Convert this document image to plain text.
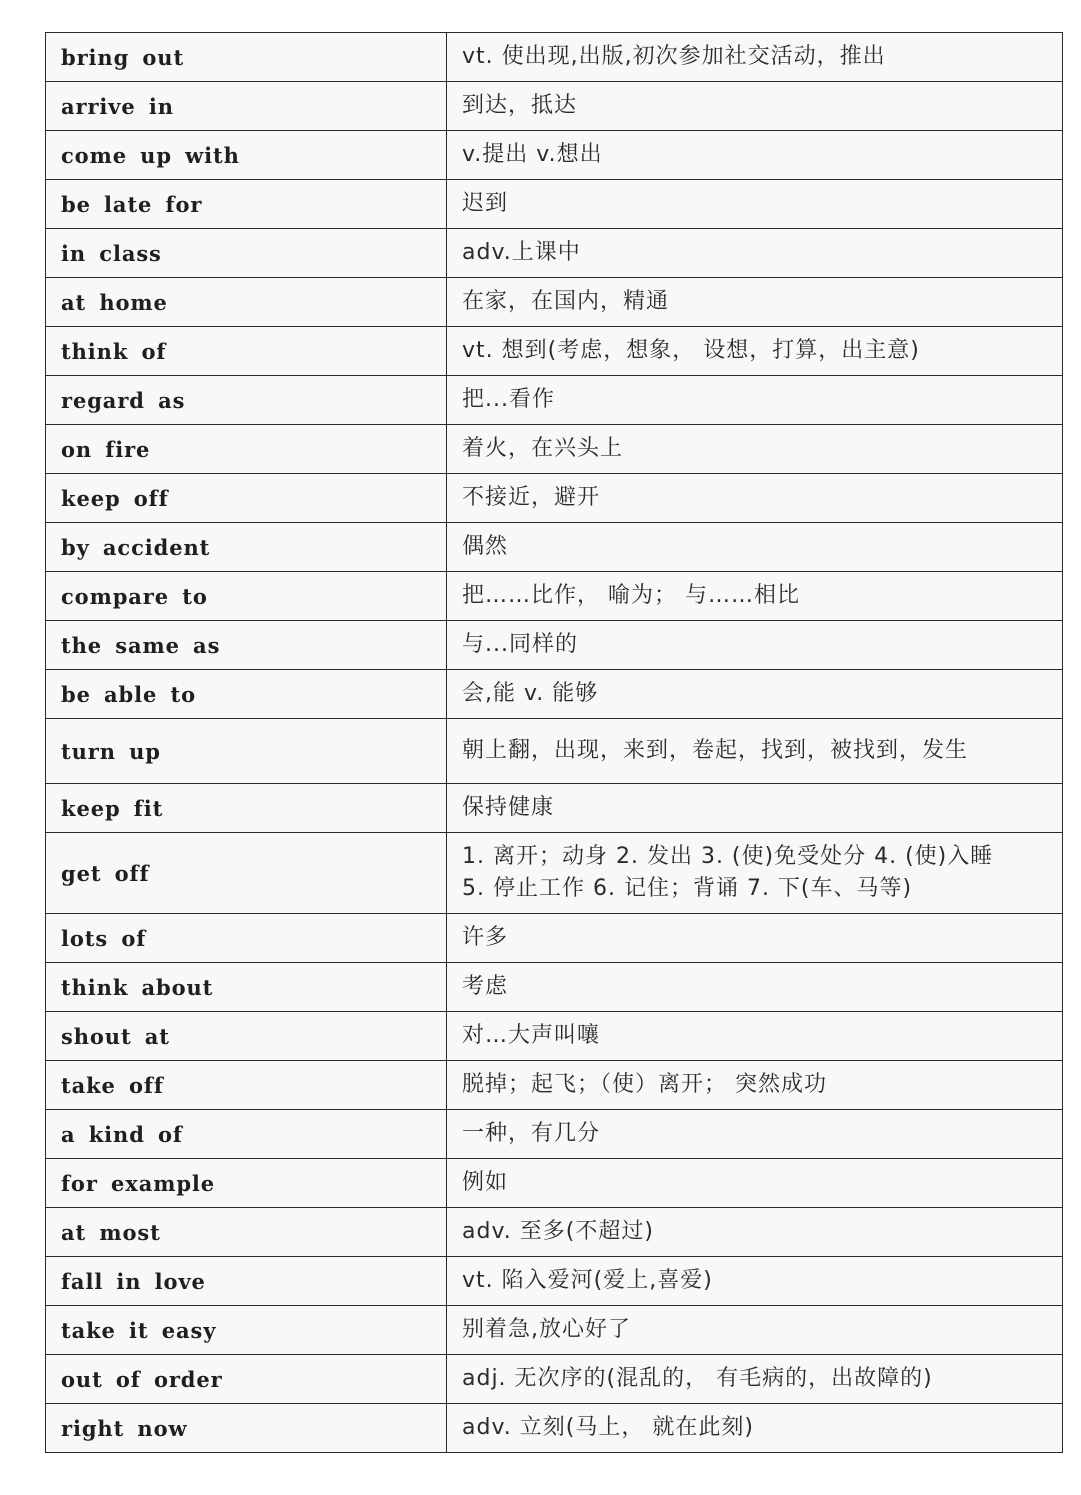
bring out	vt. 使出现,出版,初次参加社交活动，推出
arrive in	到达，抵达
come up with	v.提出 v.想出
be late for	迟到
in class	adv.上课中
at home	在家，在国内，精通
think of	vt. 想到(考虑，想象， 设想，打算，出主意)
regard as	把...看作
on fire	着火，在兴头上
keep off	不接近，避开
by accident	偶然
compare to	把……比作， 喻为； 与……相比
the same as	与...同样的
be able to	会,能 v. 能够
turn up	朝上翻，出现，来到，卷起，找到，被找到，发生
keep fit	保持健康
get off	1. 离开；动身 2. 发出 3. (使)免受处分 4. (使)入睡
5. 停止工作 6. 记住；背诵 7. 下(车、马等)
lots of	许多
think about	考虑
shout at	对…大声叫嚷
take off	脱掉；起飞；（使）离开； 突然成功
a kind of	一种，有几分
for example	例如
at most	adv. 至多(不超过)
fall in love	vt. 陷入爱河(爱上,喜爱)
take it easy	别着急,放心好了
out of order	adj. 无次序的(混乱的， 有毛病的，出故障的)
right now	adv. 立刻(马上， 就在此刻)
